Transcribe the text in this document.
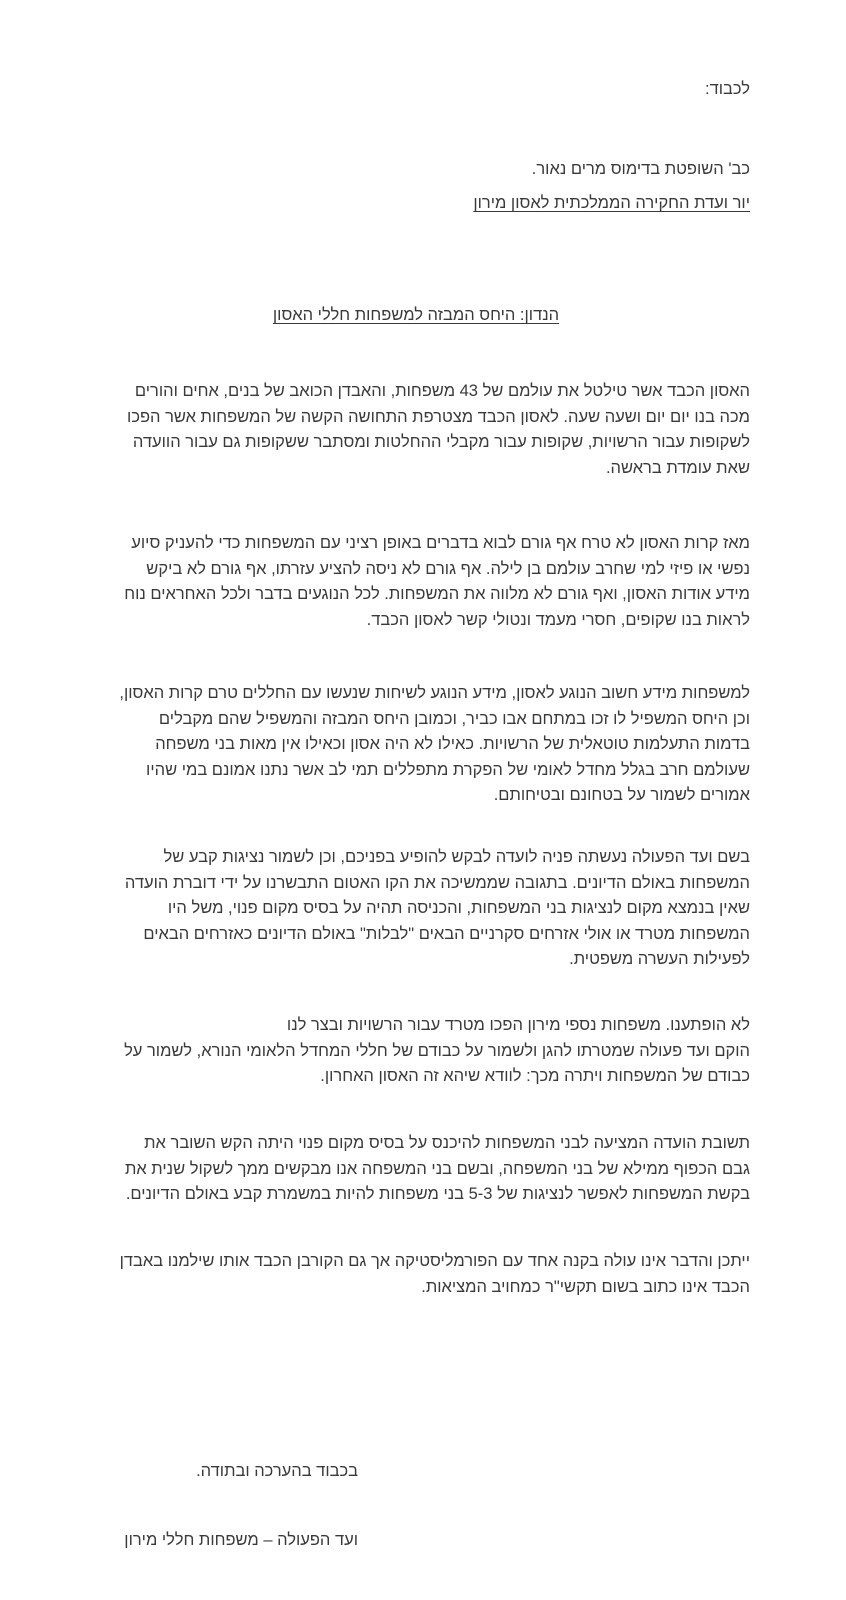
לכבוד:
כב' השופטת בדימוס מרים נאור.
יור ועדת החקירה הממלכתית לאסון מירון
הנדון: היחס המבזה למשפחות חללי האסון
האסון הכבד אשר טילטל את עולמם של 43 משפחות, והאבדן הכואב של בנים, אחים והורים
מכה בנו יום יום ושעה שעה. לאסון הכבד מצטרפת התחושה הקשה של המשפחות אשר הפכו
לשקופות עבור הרשויות, שקופות עבור מקבלי ההחלטות ומסתבר ששקופות גם עבור הוועדה
שאת עומדת בראשה.
מאז קרות האסון לא טרח אף גורם לבוא בדברים באופן רציני עם המשפחות כדי להעניק סיוע
נפשי או פיזי למי שחרב עולמם בן לילה. אף גורם לא ניסה להציע עזרתו, אף גורם לא ביקש
מידע אודות האסון, ואף גורם לא מלווה את המשפחות. לכל הנוגעים בדבר ולכל האחראים נוח
לראות בנו שקופים, חסרי מעמד ונטולי קשר לאסון הכבד.
למשפחות מידע חשוב הנוגע לאסון, מידע הנוגע לשיחות שנעשו עם החללים טרם קרות האסון,
וכן היחס המשפיל לו זכו במתחם אבו כביר, וכמובן היחס המבזה והמשפיל שהם מקבלים
בדמות התעלמות טוטאלית של הרשויות. כאילו לא היה אסון וכאילו אין מאות בני משפחה
שעולמם חרב בגלל מחדל לאומי של הפקרת מתפללים תמי לב אשר נתנו אמונם במי שהיו
אמורים לשמור על בטחונם ובטיחותם.
בשם ועד הפעולה נעשתה פניה לועדה לבקש להופיע בפניכם, וכן לשמור נציגות קבע של
המשפחות באולם הדיונים. בתגובה שממשיכה את הקו האטום התבשרנו על ידי דוברת הועדה
שאין בנמצא מקום לנציגות בני המשפחות, והכניסה תהיה על בסיס מקום פנוי, משל היו
המשפחות מטרד או אולי אזרחים סקרניים הבאים "לבלות" באולם הדיונים כאזרחים הבאים
לפעילות העשרה משפטית.
לא הופתענו. משפחות נספי מירון הפכו מטרד עבור הרשויות ובצר לנו
הוקם ועד פעולה שמטרתו להגן ולשמור על כבודם של חללי המחדל הלאומי הנורא, לשמור על
כבודם של המשפחות ויתרה מכך: לוודא שיהא זה האסון האחרון.
תשובת הועדה המציעה לבני המשפחות להיכנס על בסיס מקום פנוי היתה הקש השובר את
גבם הכפוף ממילא של בני המשפחה, ובשם בני המשפחה אנו מבקשים ממך לשקול שנית את
בקשת המשפחות לאפשר לנציגות של 5-3 בני משפחות להיות במשמרת קבע באולם הדיונים.
ייתכן והדבר אינו עולה בקנה אחד עם הפורמליסטיקה אך גם הקורבן הכבד אותו שילמנו באבדן
הכבד אינו כתוב בשום תקשי"ר כמחויב המציאות.
בכבוד בהערכה ובתודה.
ועד הפעולה – משפחות חללי מירון
